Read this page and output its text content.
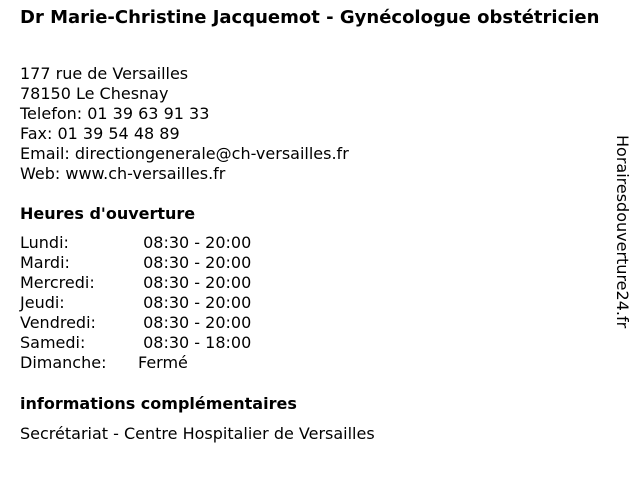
Dr Marie-Christine Jacquemot - Gynécologue obstétricien
177 rue de Versailles
78150 Le Chesnay
Telefon: 01 39 63 91 33
Fax: 01 39 54 48 89
Email: directiongenerale@ch-versailles.fr
Web: www.ch-versailles.fr
Heures d'ouverture
Lundi:	08:30 - 20:00
Mardi:	08:30 - 20:00
Mercredi:	08:30 - 20:00
Jeudi:	08:30 - 20:00
Vendredi:	08:30 - 20:00
Samedi:	08:30 - 18:00
Dimanche:	Fermé
informations complémentaires
Secrétariat - Centre Hospitalier de Versailles
Horairesdouverture24.fr
